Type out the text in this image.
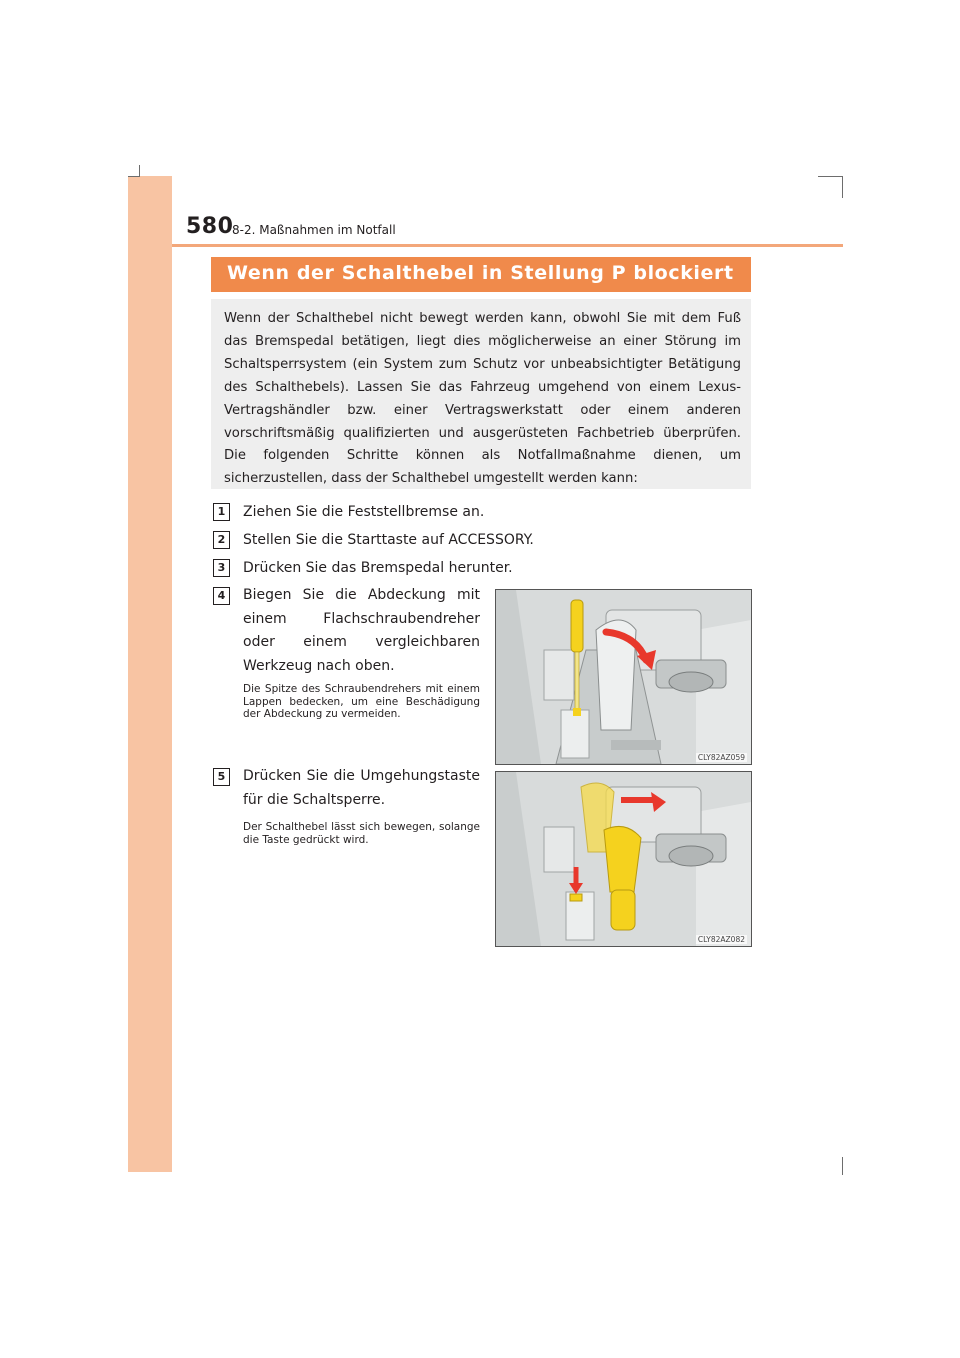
580
8-2. Maßnahmen im Notfall
Wenn der Schalthebel in Stellung P blockiert
Wenn der Schalthebel nicht bewegt werden kann, obwohl Sie mit dem Fuß das Bremspedal betätigen, liegt dies möglicherweise an einer Störung im Schaltsperrsystem (ein System zum Schutz vor unbeabsichtigter Betätigung des Schalthebels). Lassen Sie das Fahrzeug umgehend von einem Lexus-Vertragshändler bzw. einer Vertragswerkstatt oder einem anderen vorschriftsmäßig qualifizierten und ausgerüsteten Fachbetrieb überprüfen. Die folgenden Schritte können als Notfallmaßnahme dienen, um sicherzustellen, dass der Schalthebel umgestellt werden kann:
1	Ziehen Sie die Feststellbremse an.
2	Stellen Sie die Starttaste auf ACCESSORY.
3	Drücken Sie das Bremspedal herunter.
4	Biegen Sie die Abdeckung mit einem Flachschraubendreher oder einem vergleichbaren Werkzeug nach oben.
Die Spitze des Schraubendrehers mit einem Lappen bedecken, um eine Beschädigung der Abdeckung zu vermeiden.
5	Drücken Sie die Umgehungstaste für die Schaltsperre.
Der Schalthebel lässt sich bewegen, solange die Taste gedrückt wird.
CLY82AZ059
CLY82AZ082
